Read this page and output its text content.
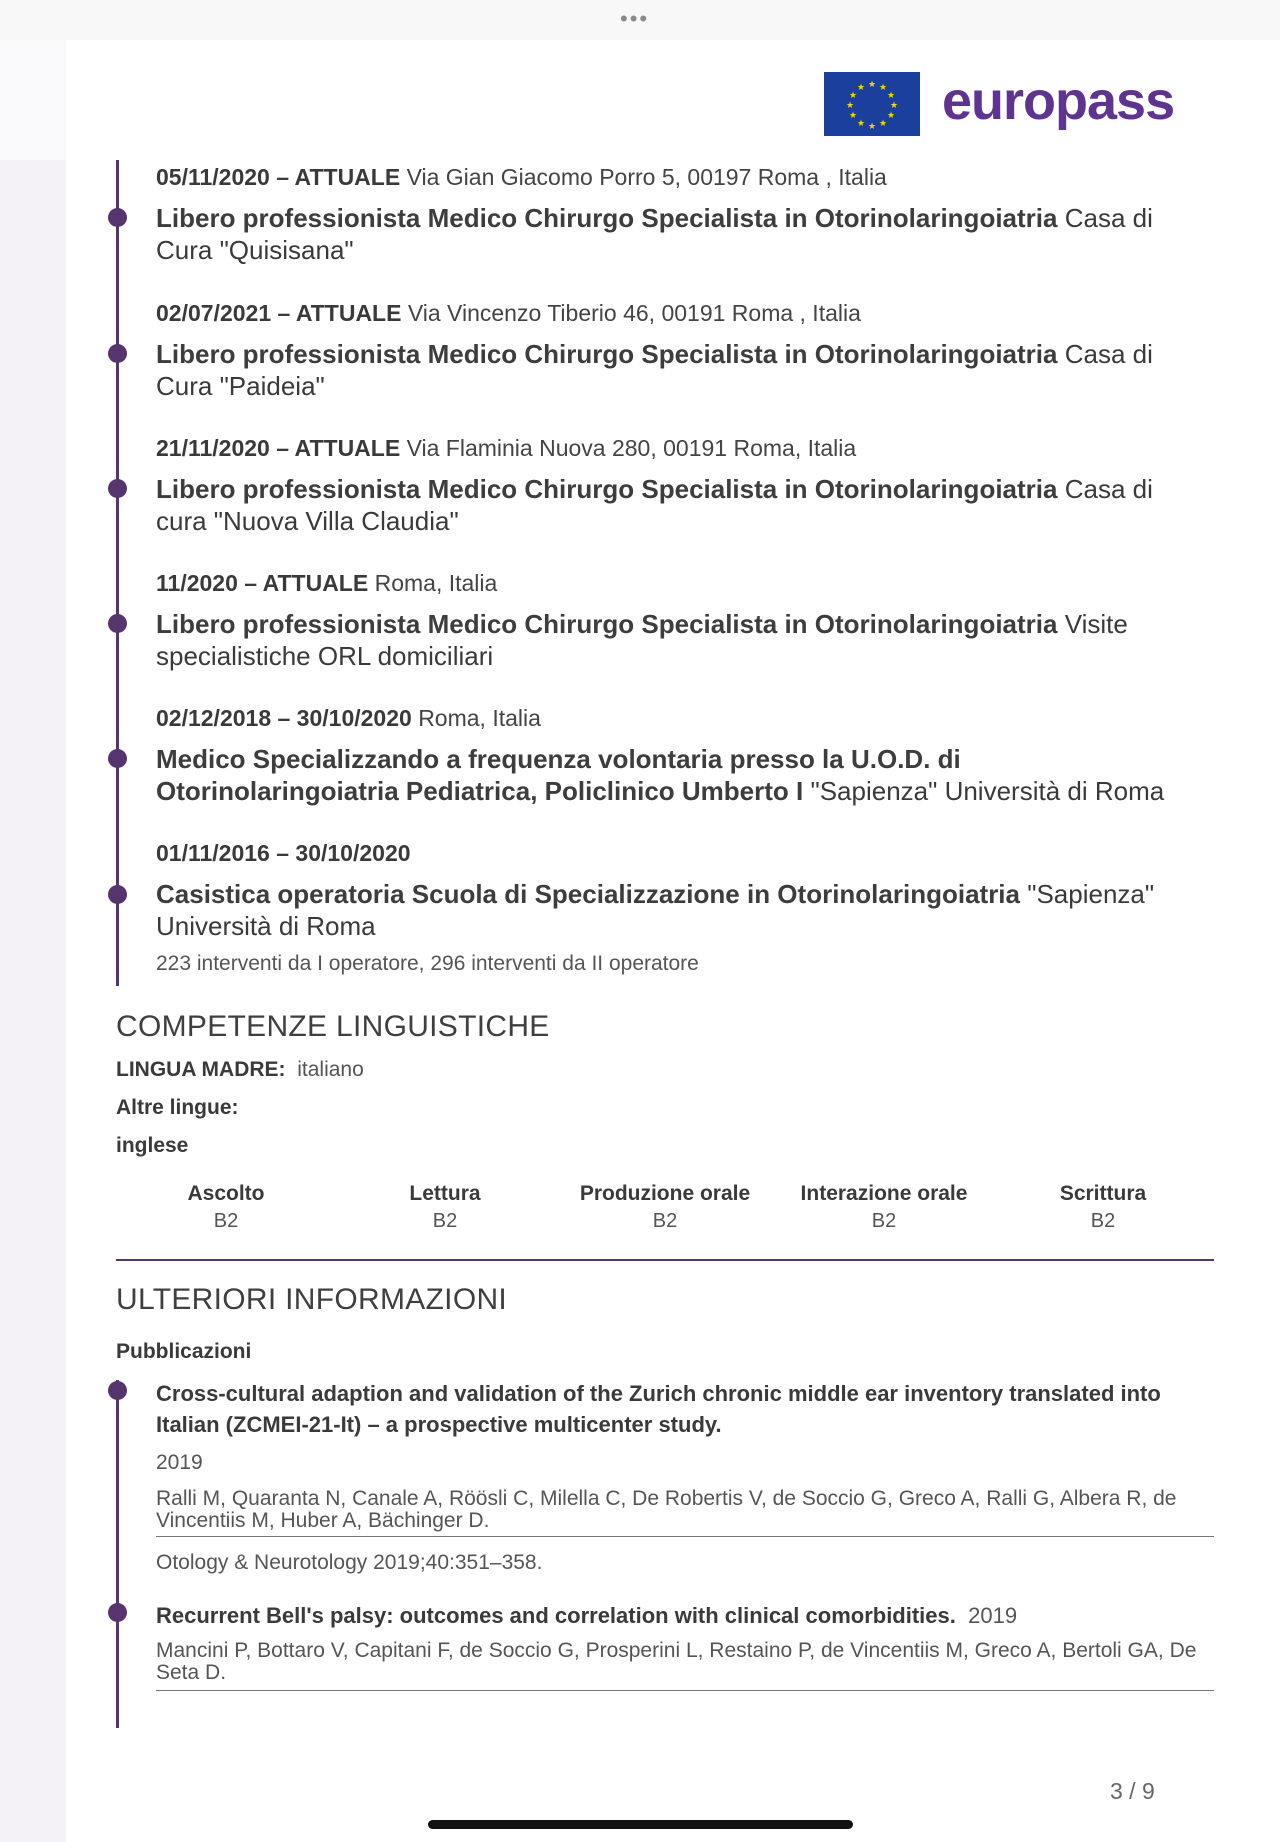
•••
★ ★
★
★
★
★
★
★
★
★
★
★ europass
05/11/2020 – ATTUALE Via Gian Giacomo Porro 5, 00197 Roma , Italia
Libero professionista Medico Chirurgo Specialista in Otorinolaringoiatria Casa di Cura "Quisisana"
02/07/2021 – ATTUALE Via Vincenzo Tiberio 46, 00191 Roma , Italia
Libero professionista Medico Chirurgo Specialista in Otorinolaringoiatria Casa di Cura "Paideia"
21/11/2020 – ATTUALE Via Flaminia Nuova 280, 00191 Roma, Italia
Libero professionista Medico Chirurgo Specialista in Otorinolaringoiatria Casa di cura "Nuova Villa Claudia"
11/2020 – ATTUALE Roma, Italia
Libero professionista Medico Chirurgo Specialista in Otorinolaringoiatria Visite specialistiche ORL domiciliari
02/12/2018 – 30/10/2020 Roma, Italia
Medico Specializzando a frequenza volontaria presso la U.O.D. di Otorinolaringoiatria Pediatrica, Policlinico Umberto I "Sapienza" Università di Roma
01/11/2016 – 30/10/2020
Casistica operatoria Scuola di Specializzazione in Otorinolaringoiatria "Sapienza" Università di Roma
223 interventi da I operatore, 296 interventi da II operatore
COMPETENZE LINGUISTICHE
LINGUA MADRE: italiano
Altre lingue:
inglese
Ascolto
B2
Lettura
B2
Produzione orale
B2
Interazione orale
B2
Scrittura
B2
ULTERIORI INFORMAZIONI
Pubblicazioni
Cross-cultural adaption and validation of the Zurich chronic middle ear inventory translated into Italian (ZCMEI-21-It) – a prospective multicenter study.
2019
Ralli M, Quaranta N, Canale A, Röösli C, Milella C, De Robertis V, de Soccio G, Greco A, Ralli G, Albera R, de Vincentiis M, Huber A, Bächinger D.
Otology & Neurotology 2019;40:351–358.
Recurrent Bell's palsy: outcomes and correlation with clinical comorbidities. 2019
Mancini P, Bottaro V, Capitani F, de Soccio G, Prosperini L, Restaino P, de Vincentiis M, Greco A, Bertoli GA, De Seta D.
3 / 9
